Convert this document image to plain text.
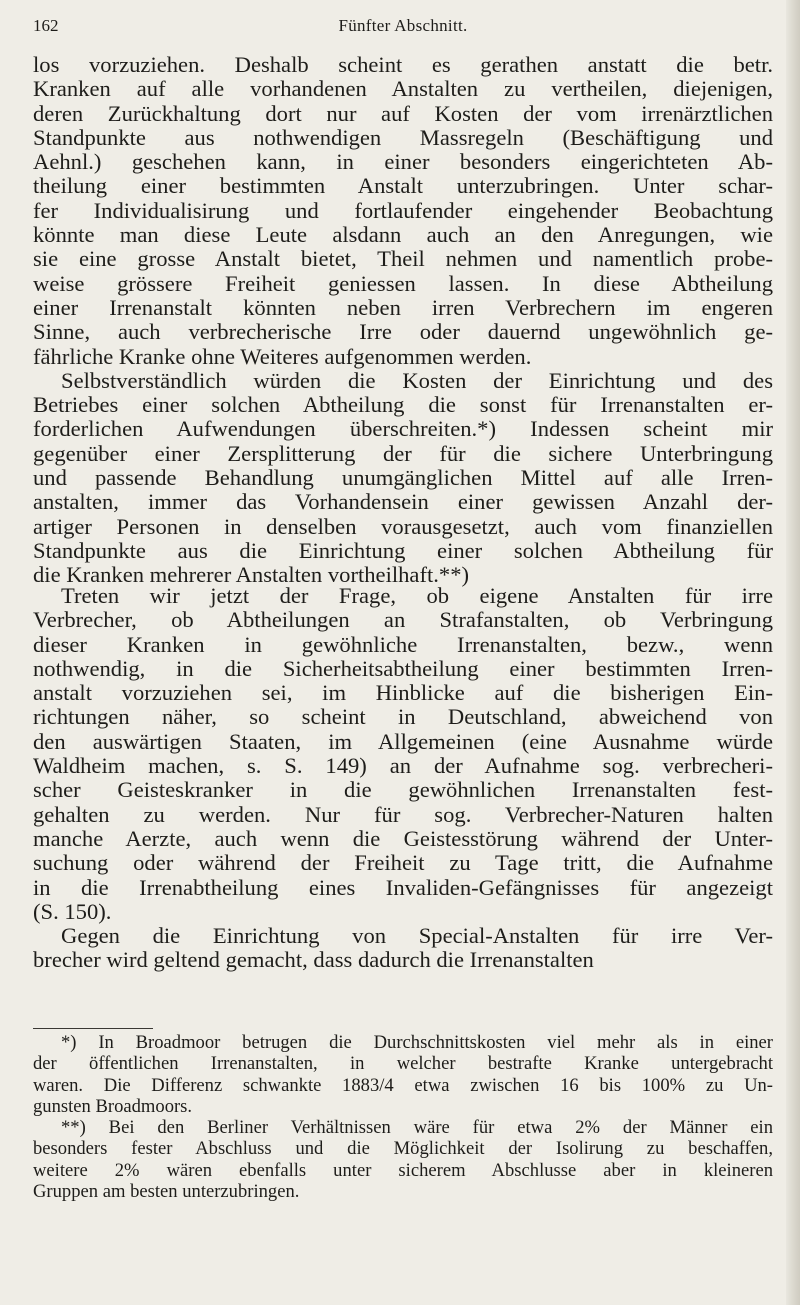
162	Fünfter Abschnitt.
los vorzuziehen. Deshalb scheint es gerathen anstatt die betr.
Kranken auf alle vorhandenen Anstalten zu vertheilen, diejenigen,
deren Zurückhaltung dort nur auf Kosten der vom irrenärztlichen
Standpunkte aus nothwendigen Massregeln (Beschäftigung und
Aehnl.) geschehen kann, in einer besonders eingerichteten Ab-
theilung einer bestimmten Anstalt unterzubringen. Unter schar-
fer Individualisirung und fortlaufender eingehender Beobachtung
könnte man diese Leute alsdann auch an den Anregungen, wie
sie eine grosse Anstalt bietet, Theil nehmen und namentlich probe-
weise grössere Freiheit geniessen lassen. In diese Abtheilung
einer Irrenanstalt könnten neben irren Verbrechern im engeren
Sinne, auch verbrecherische Irre oder dauernd ungewöhnlich ge-
fährliche Kranke ohne Weiteres aufgenommen werden.
Selbstverständlich würden die Kosten der Einrichtung und des
Betriebes einer solchen Abtheilung die sonst für Irrenanstalten er-
forderlichen Aufwendungen überschreiten.*) Indessen scheint mir
gegenüber einer Zersplitterung der für die sichere Unterbringung
und passende Behandlung unumgänglichen Mittel auf alle Irren-
anstalten, immer das Vorhandensein einer gewissen Anzahl der-
artiger Personen in denselben vorausgesetzt, auch vom finanziellen
Standpunkte aus die Einrichtung einer solchen Abtheilung für
die Kranken mehrerer Anstalten vortheilhaft.**)
Treten wir jetzt der Frage, ob eigene Anstalten für irre
Verbrecher, ob Abtheilungen an Strafanstalten, ob Verbringung
dieser Kranken in gewöhnliche Irrenanstalten, bezw., wenn
nothwendig, in die Sicherheitsabtheilung einer bestimmten Irren-
anstalt vorzuziehen sei, im Hinblicke auf die bisherigen Ein-
richtungen näher, so scheint in Deutschland, abweichend von
den auswärtigen Staaten, im Allgemeinen (eine Ausnahme würde
Waldheim machen, s. S. 149) an der Aufnahme sog. verbrecheri-
scher Geisteskranker in die gewöhnlichen Irrenanstalten fest-
gehalten zu werden. Nur für sog. Verbrecher-Naturen halten
manche Aerzte, auch wenn die Geistesstörung während der Unter-
suchung oder während der Freiheit zu Tage tritt, die Aufnahme
in die Irrenabtheilung eines Invaliden-Gefängnisses für angezeigt
(S. 150).
Gegen die Einrichtung von Special-Anstalten für irre Ver-
brecher wird geltend gemacht, dass dadurch die Irrenanstalten
*) In Broadmoor betrugen die Durchschnittskosten viel mehr als in einer
der öffentlichen Irrenanstalten, in welcher bestrafte Kranke untergebracht
waren. Die Differenz schwankte 1883/4 etwa zwischen 16 bis 100% zu Un-
gunsten Broadmoors.
**) Bei den Berliner Verhältnissen wäre für etwa 2% der Männer ein
besonders fester Abschluss und die Möglichkeit der Isolirung zu beschaffen,
weitere 2% wären ebenfalls unter sicherem Abschlusse aber in kleineren
Gruppen am besten unterzubringen.
